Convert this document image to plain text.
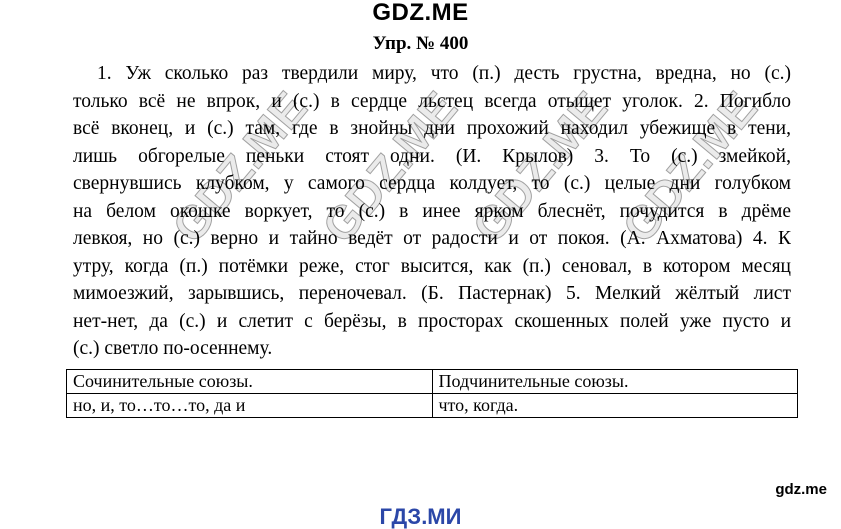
GDZ.ME
Упр. № 400
1. Уж сколько раз твердили миру, что (п.) десть грустна, вредна, но (с.)
только всё не впрок, и (с.) в сердце льстец всегда отыщет уголок. 2. Погибло
всё вконец, и (с.) там, где в знойны дни прохожий находил убежище в тени,
лишь обгорелые пеньки стоят одни. (И. Крылов) 3. То (с.) змейкой,
свернувшись клубком, у самого сердца колдует, то (с.) целые дни голубком
на белом окошке воркует, то (с.) в инее ярком блеснёт, почудится в дрёме
левкоя, но (с.) верно и тайно ведёт от радости и от покоя. (А. Ахматова) 4. К
утру, когда (п.) потёмки реже, стог высится, как (п.) сеновал, в котором месяц
мимоезжий, зарывшись, переночевал. (Б. Пастернак) 5. Мелкий жёлтый лист
нет-нет, да (с.) и слетит с берёзы, в просторах скошенных полей уже пусто и
(с.) светло по-осеннему.
Сочинительные союзы.	Подчинительные союзы.
но, и, то…то…то, да и	что, когда.
GDZ.ME
GDZ.ME
GDZ.ME
GDZ.ME
gdz.me
ГДЗ.МИ
